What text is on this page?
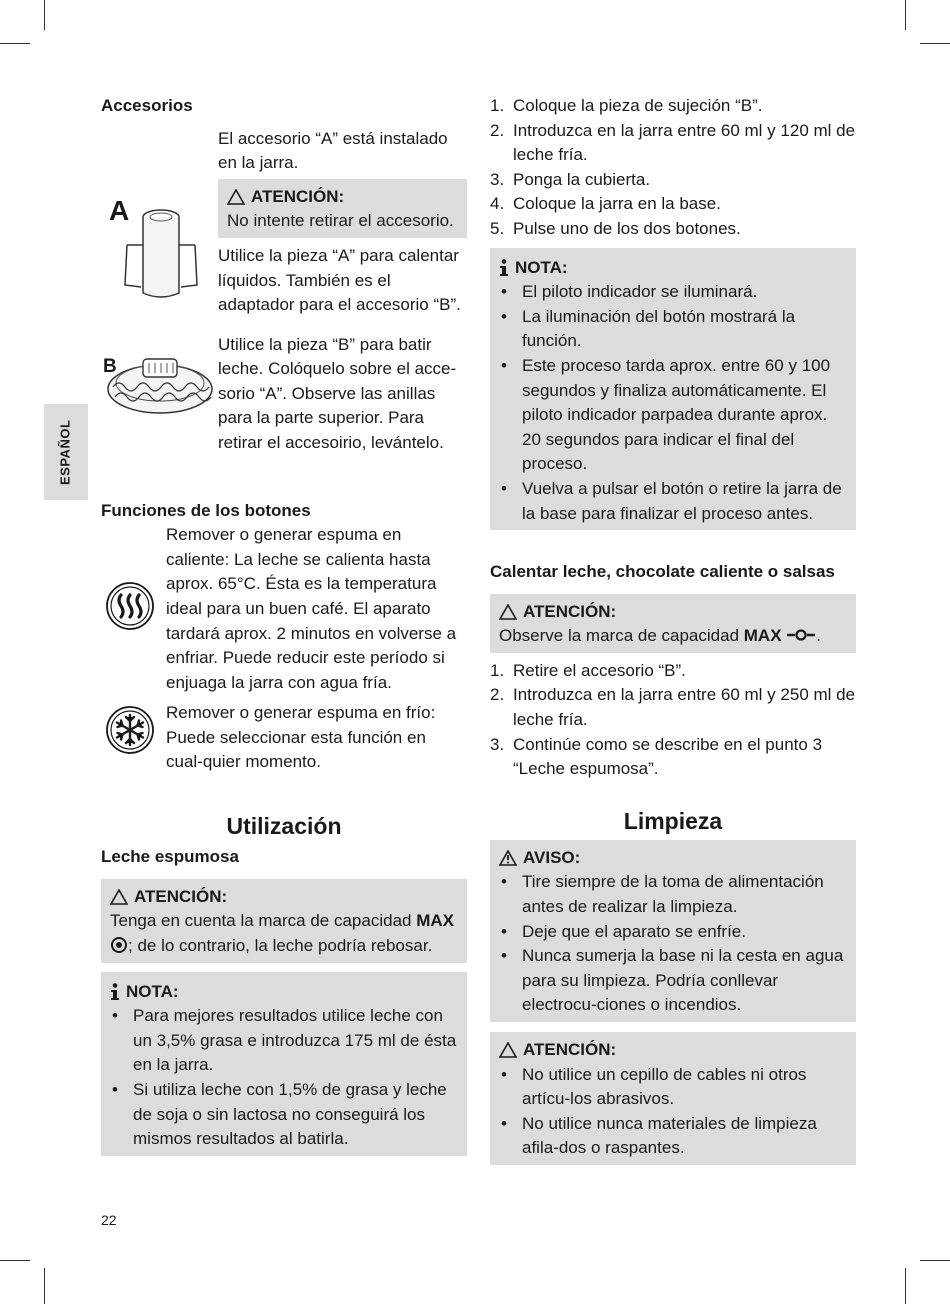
ESPAÑOL
Accesorios
A

El accesorio “A” está instalado en la jarra.

ATENCIÓN:

No intente retirar el accesorio.

Utilice la pieza “A” para calentar líquidos. También es el adaptador para el accesorio “B”.

B

Utilice la pieza “B” para batir leche. Colóquelo sobre el acce-sorio “A”. Observe las anillas para la parte superior. Para retirar el accesoirio, levántelo.

Funciones de los botones

Remover o generar espuma en caliente: La leche se calienta hasta aprox. 65°C. Ésta es la temperatura ideal para un buen café. El aparato tardará aprox. 2 minutos en volverse a enfriar. Puede reducir este período si enjuaga la jarra con agua fría.

Remover o generar espuma en frío: Puede seleccionar esta función en cual-quier momento.

Utilización
Leche espumosa
ATENCIÓN:

Tenga en cuenta la marca de capacidad MAX
; de lo contrario, la leche podría rebosar.

NOTA:
• Para mejores resultados utilice leche con un 3,5% grasa e introduzca 175 ml de ésta en la jarra.
• Si utiliza leche con 1,5% de grasa y leche de soja o sin lactosa no conseguirá los mismos resultados al batirla.
1. Coloque la pieza de sujeción “B”.
2. Introduzca en la jarra entre 60 ml y 120 ml de leche fría.
3. Ponga la cubierta.
4. Coloque la jarra en la base.
5. Pulse uno de los dos botones.
NOTA:
• El piloto indicador se iluminará.
• La iluminación del botón mostrará la función.
• Este proceso tarda aprox. entre 60 y 100 segundos y finaliza automáticamente. El piloto indicador parpadea durante aprox. 20 segundos para indicar el final del proceso.
• Vuelva a pulsar el botón o retire la jarra de la base para finalizar el proceso antes.
Calentar leche, chocolate caliente o salsas
ATENCIÓN:

Observe la marca de capacidad MAX .

1. Retire el accesorio “B”.
2. Introduzca en la jarra entre 60 ml y 250 ml de leche fría.
3. Continúe como se describe en el punto 3 “Leche espumosa”.
Limpieza
AVISO:
• Tire siempre de la toma de alimentación antes de realizar la limpieza.
• Deje que el aparato se enfríe.
• Nunca sumerja la base ni la cesta en agua para su limpieza. Podría conllevar electrocu-ciones o incendios.
ATENCIÓN:
• No utilice un cepillo de cables ni otros artícu-los abrasivos.
• No utilice nunca materiales de limpieza afila-dos o raspantes.
22
